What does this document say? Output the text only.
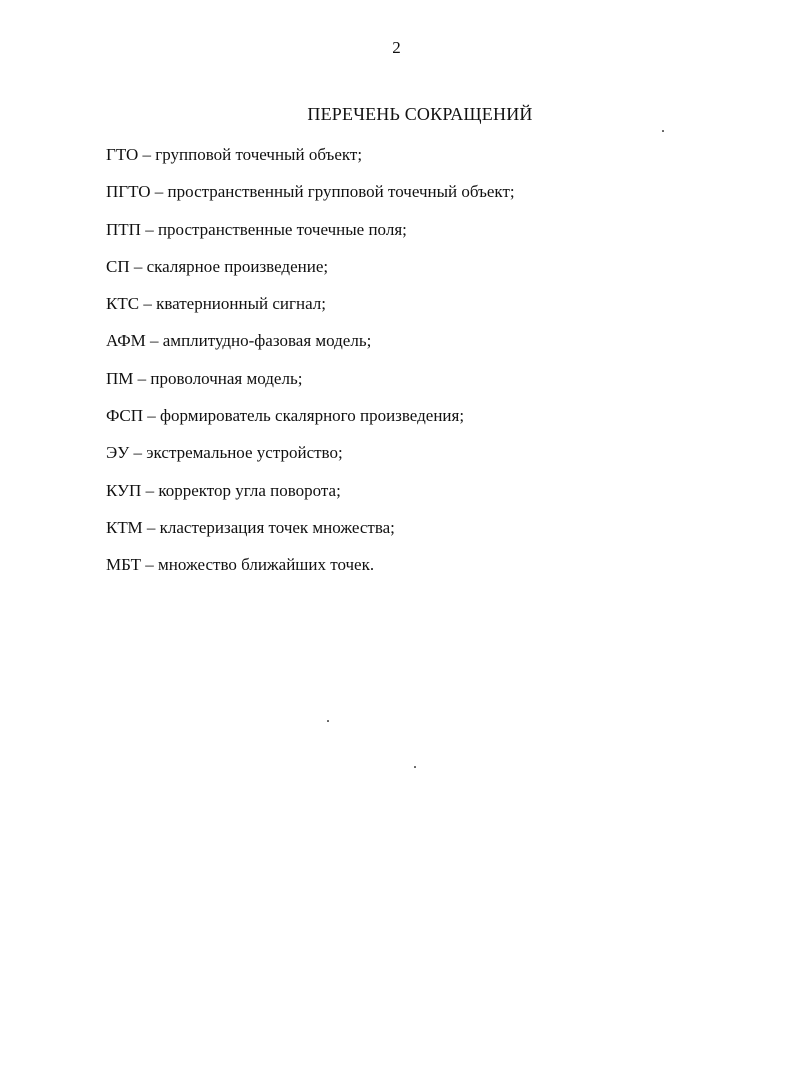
2
ПЕРЕЧЕНЬ СОКРАЩЕНИЙ
ГТО – групповой точечный объект;
ПГТО – пространственный групповой точечный объект;
ПТП – пространственные точечные поля;
СП – скалярное произведение;
КТС – кватернионный сигнал;
АФМ – амплитудно-фазовая модель;
ПМ – проволочная модель;
ФСП – формирователь скалярного произведения;
ЭУ – экстремальное устройство;
КУП – корректор угла поворота;
КТМ – кластеризация точек множества;
МБТ – множество ближайших точек.
